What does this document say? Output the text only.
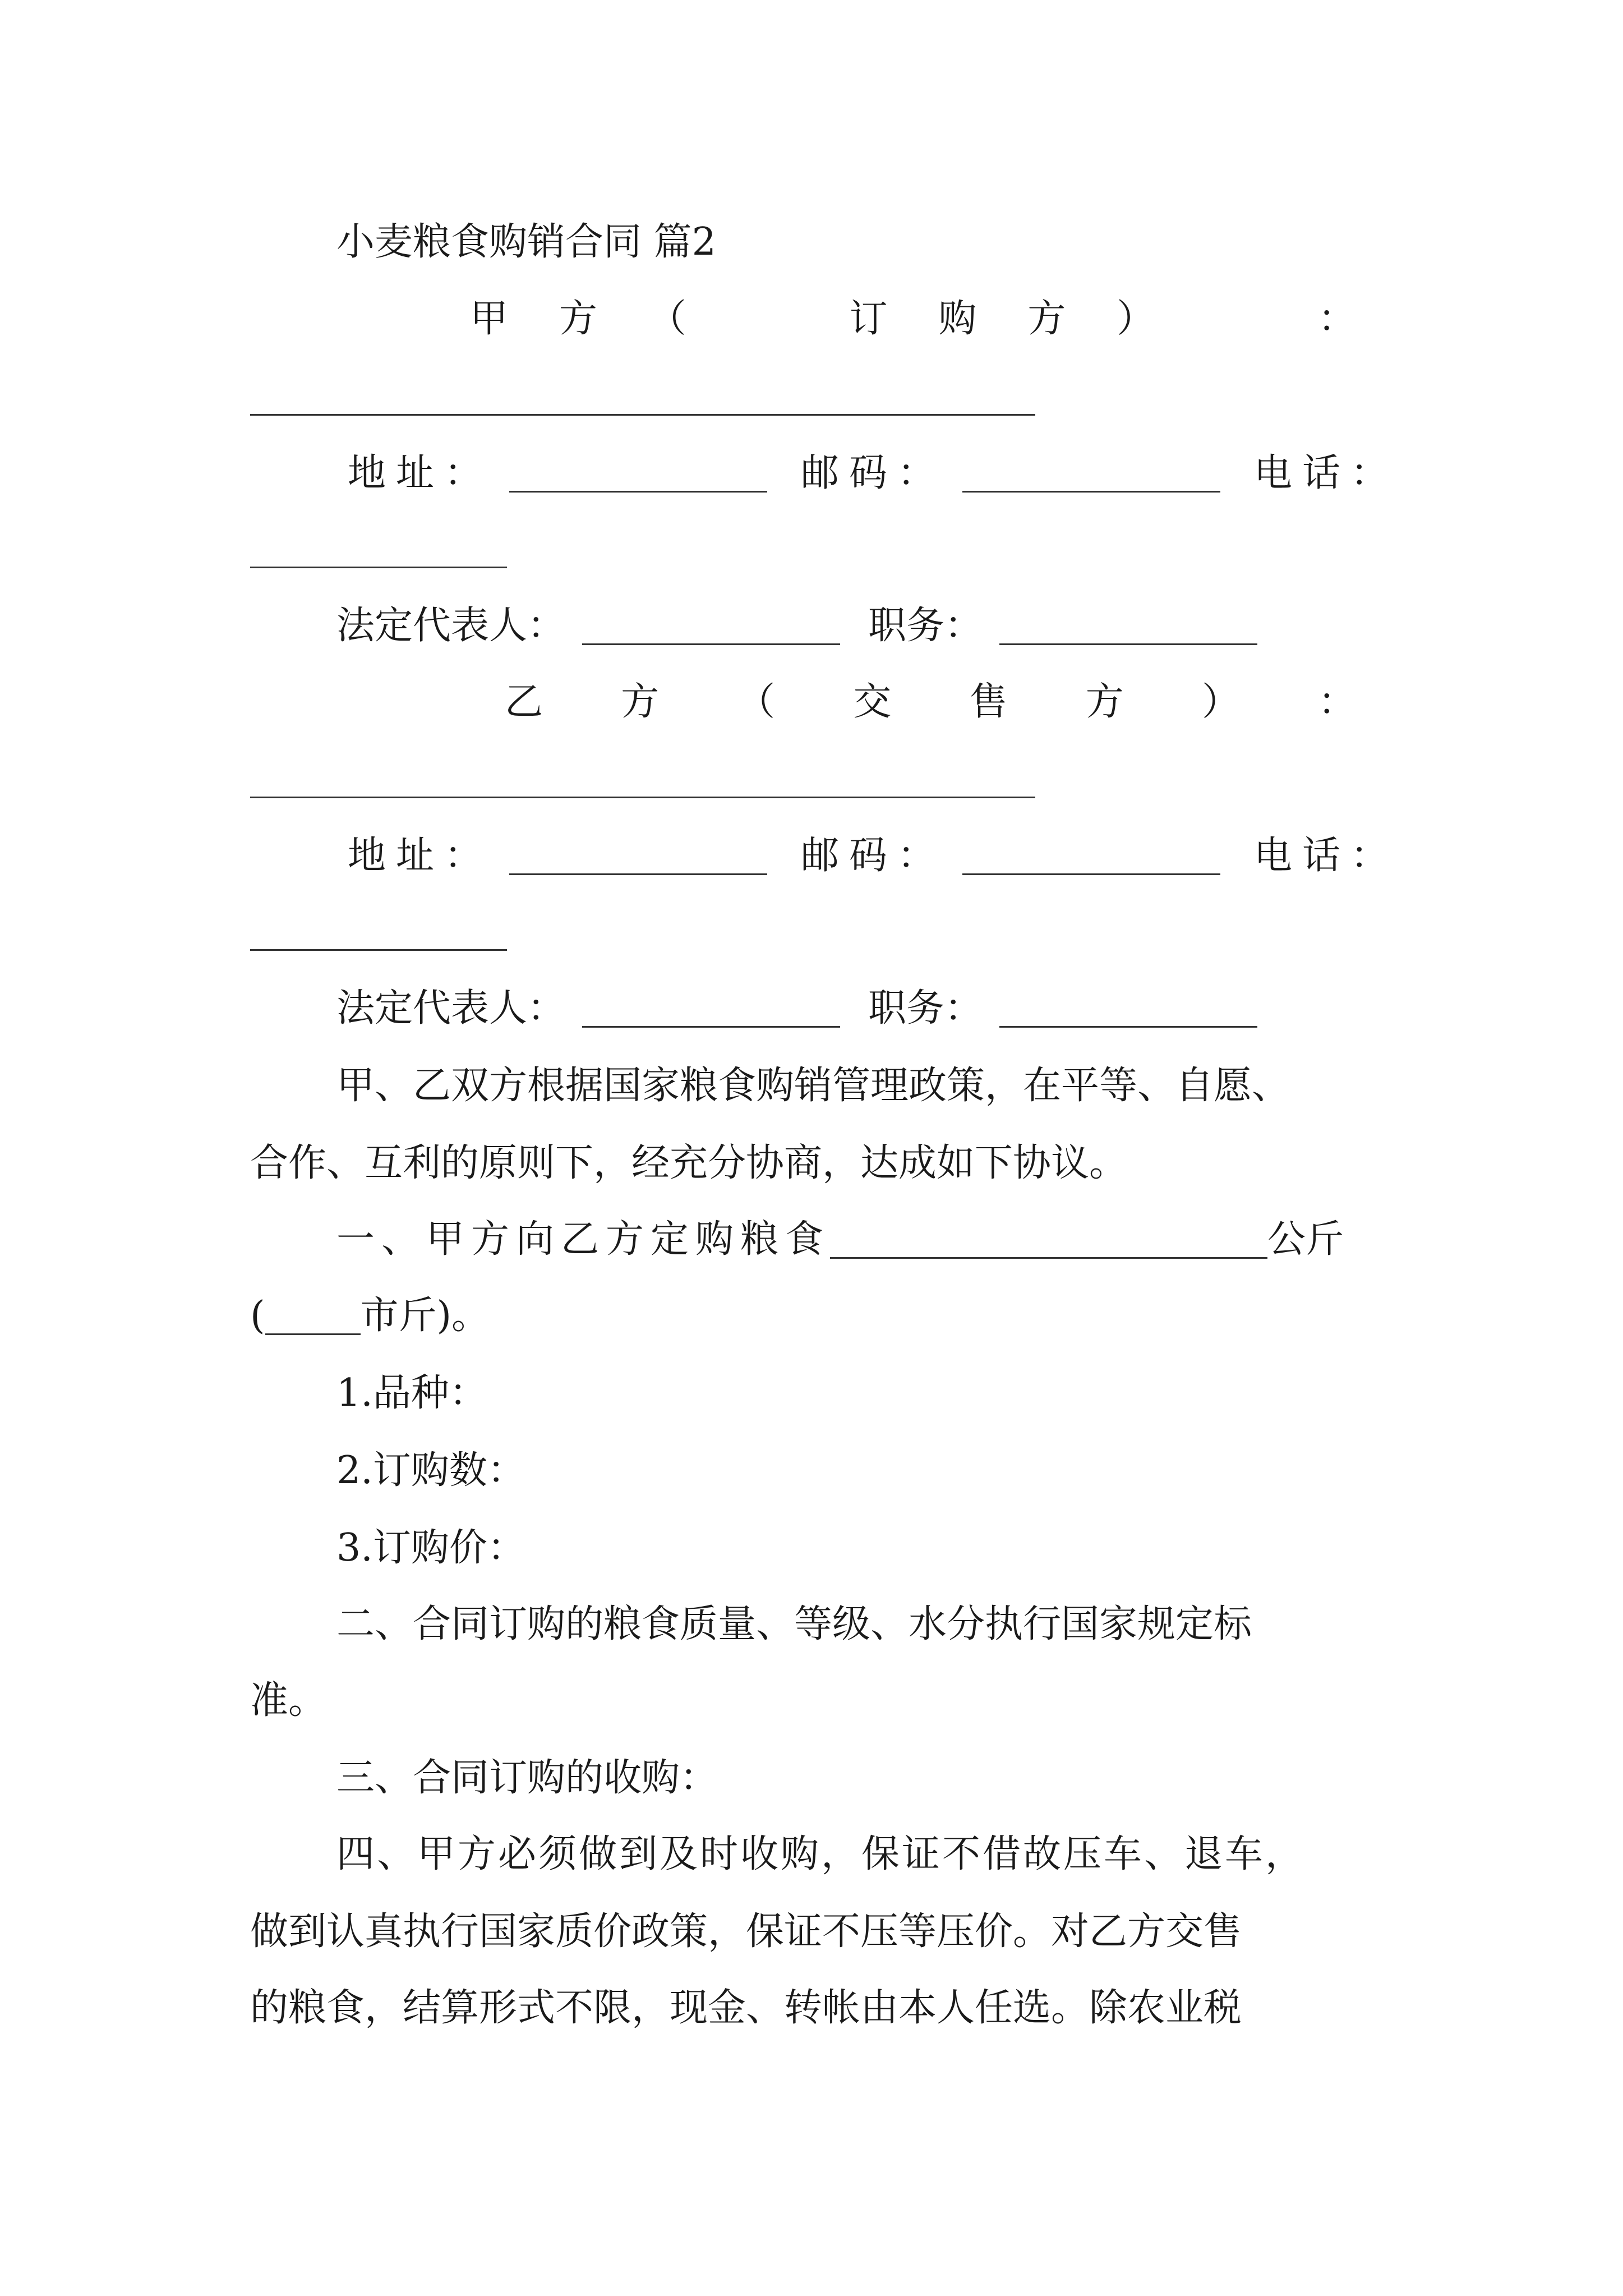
小麦粮食购销合同 篇2
甲 方 （	订 购 方 ）	：
地址：	邮码：	电话：
法定代表人：	职务：
乙 方 （ 交 售 方 ） ：
地址：	邮码：	电话：
法定代表人：	职务：
甲、乙双方根据国家粮食购销管理政策，在平等、自愿、
合作、互利的原则下，经充分协商，达成如下协议。
一、甲方向乙方定购粮食	公斤
(	市斤)。
1.品种：
2.订购数：
3.订购价：
二、合同订购的粮食质量、等级、水分执行国家规定标
准。
三、合同订购的收购：
四、甲方必须做到及时收购，保证不借故压车、退车，
做到认真执行国家质价政策，保证不压等压价。对乙方交售
的粮食，结算形式不限，现金、转帐由本人任选。除农业税
